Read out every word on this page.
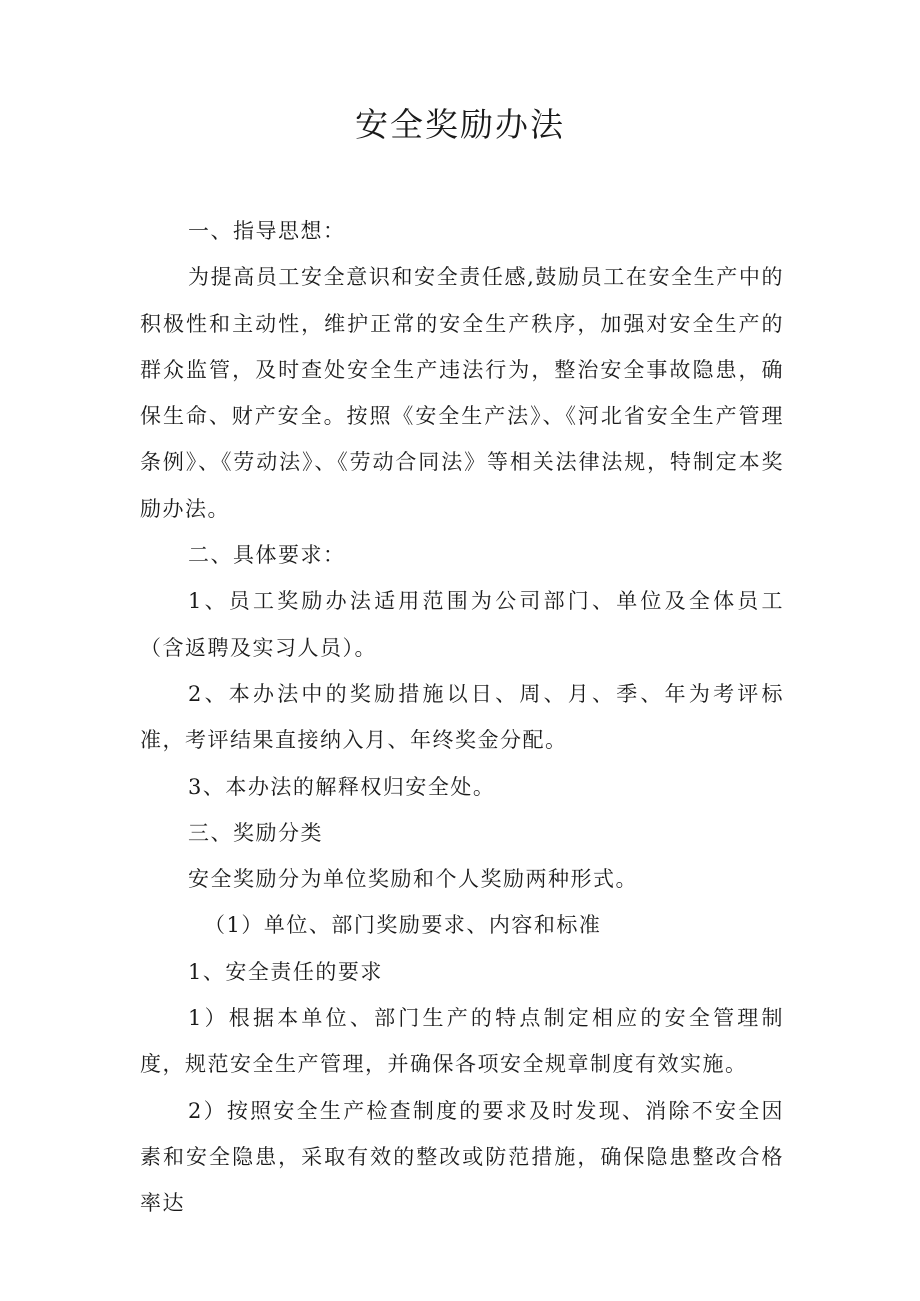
安全奖励办法

一、指导思想：

为提高员工安全意识和安全责任感,鼓励员工在安全生产中的积极性和主动性，维护正常的安全生产秩序，加强对安全生产的群众监管，及时查处安全生产违法行为，整治安全事故隐患，确保生命、财产安全。按照《安全生产法》、《河北省安全生产管理条例》、《劳动法》、《劳动合同法》等相关法律法规，特制定本奖励办法。

二、具体要求：

1、员工奖励办法适用范围为公司部门、单位及全体员工（含返聘及实习人员）。

2、本办法中的奖励措施以日、周、月、季、年为考评标准，考评结果直接纳入月、年终奖金分配。

3、本办法的解释权归安全处。

三、奖励分类

安全奖励分为单位奖励和个人奖励两种形式。

（1）单位、部门奖励要求、内容和标准

1、安全责任的要求

1）根据本单位、部门生产的特点制定相应的安全管理制度，规范安全生产管理，并确保各项安全规章制度有效实施。

2）按照安全生产检查制度的要求及时发现、消除不安全因素和安全隐患，采取有效的整改或防范措施，确保隐患整改合格率达
